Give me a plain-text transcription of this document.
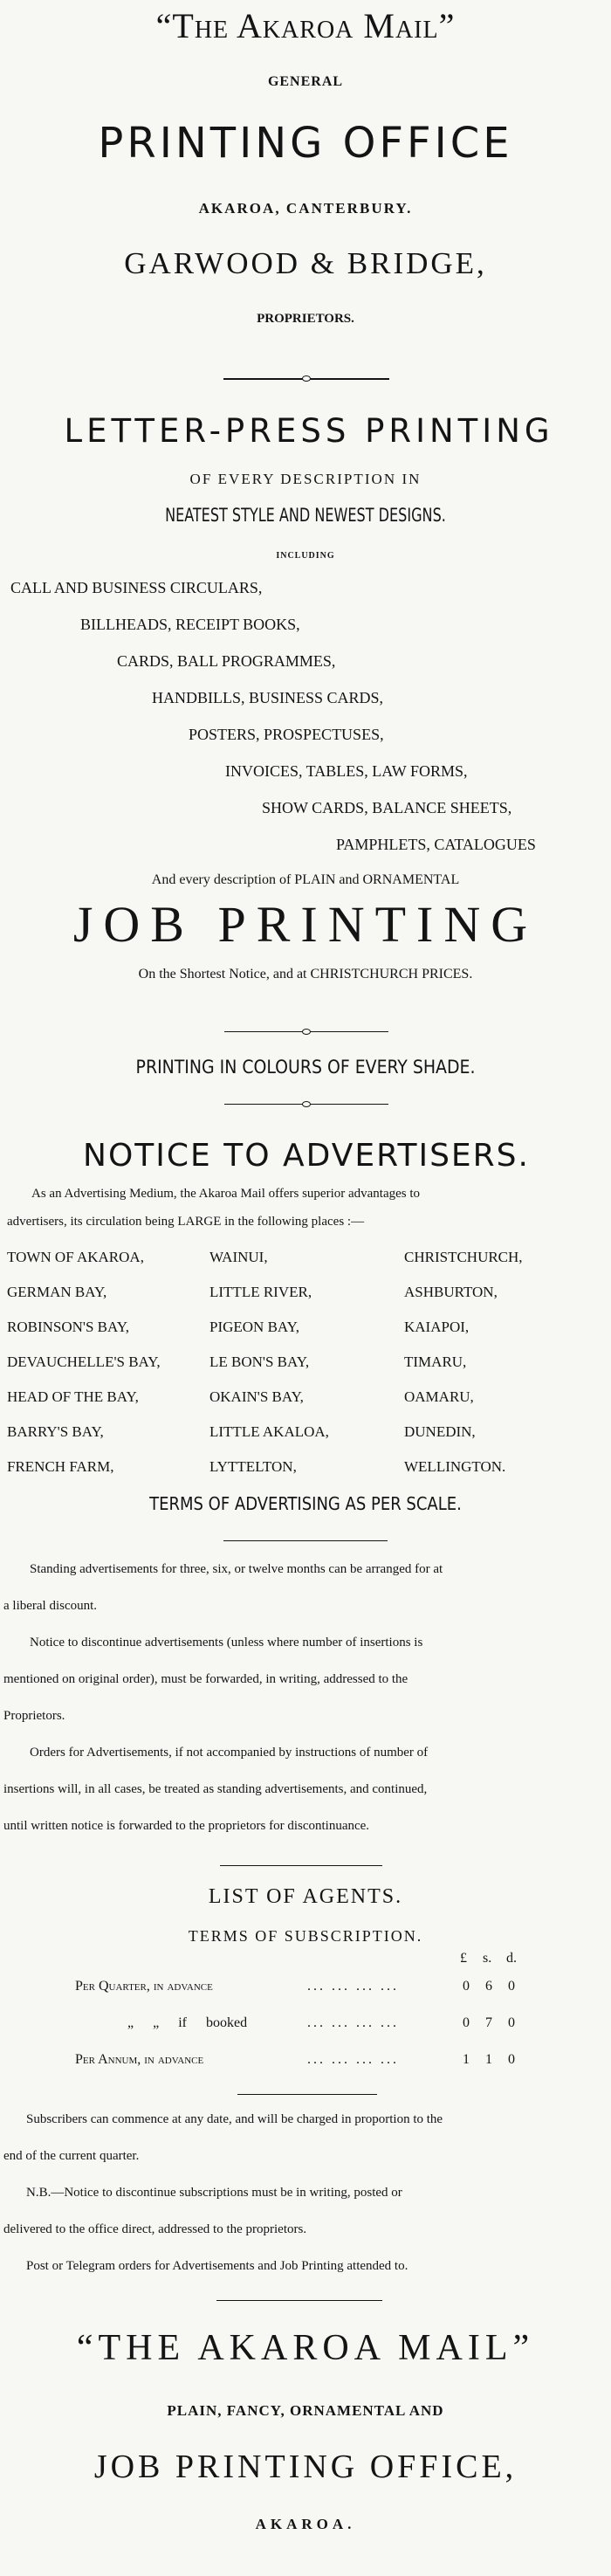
“The Akaroa Mail”
GENERAL
PRINTING OFFICE
AKAROA, CANTERBURY.
GARWOOD & BRIDGE,
PROPRIETORS.
LETTER-PRESS PRINTING
OF EVERY DESCRIPTION IN
NEATEST STYLE AND NEWEST DESIGNS.
INCLUDING
CALL AND BUSINESS CIRCULARS,
BILLHEADS, RECEIPT BOOKS,
CARDS, BALL PROGRAMMES,
HANDBILLS, BUSINESS CARDS,
POSTERS, PROSPECTUSES,
INVOICES, TABLES, LAW FORMS,
SHOW CARDS, BALANCE SHEETS,
PAMPHLETS, CATALOGUES
And every description of PLAIN and ORNAMENTAL
JOB PRINTING
On the Shortest Notice, and at CHRISTCHURCH PRICES.
PRINTING IN COLOURS OF EVERY SHADE.
NOTICE TO ADVERTISERS.
As an Advertising Medium, the Akaroa Mail offers superior advantages to
advertisers, its circulation being LARGE in the following places :—
TOWN OF AKAROA,	WAINUI,	CHRISTCHURCH,
GERMAN BAY,	LITTLE RIVER,	ASHBURTON,
ROBINSON'S BAY,	PIGEON BAY,	KAIAPOI,
DEVAUCHELLE'S BAY,	LE BON'S BAY,	TIMARU,
HEAD OF THE BAY,	OKAIN'S BAY,	OAMARU,
BARRY'S BAY,	LITTLE AKALOA,	DUNEDIN,
FRENCH FARM,	LYTTELTON,	WELLINGTON.
TERMS OF ADVERTISING AS PER SCALE.
Standing advertisements for three, six, or twelve months can be arranged for at
a liberal discount.
Notice to discontinue advertisements (unless where number of insertions is
mentioned on original order), must be forwarded, in writing, addressed to the
Proprietors.
Orders for Advertisements, if not accompanied by instructions of number of
insertions will, in all cases, be treated as standing advertisements, and continued,
until written notice is forwarded to the proprietors for discontinuance.
LIST OF AGENTS.
TERMS OF SUBSCRIPTION.
£ s. d.
Per Quarter, in advance	... ... ... ...	0 6 0
„ „ if booked	... ... ... ...	0 7 0
Per Annum, in advance	... ... ... ...	1 1 0
Subscribers can commence at any date, and will be charged in proportion to the
end of the current quarter.
N.B.—Notice to discontinue subscriptions must be in writing, posted or
delivered to the office direct, addressed to the proprietors.
Post or Telegram orders for Advertisements and Job Printing attended to.
“THE AKAROA MAIL”
PLAIN, FANCY, ORNAMENTAL AND
JOB PRINTING OFFICE,
AKAROA.
